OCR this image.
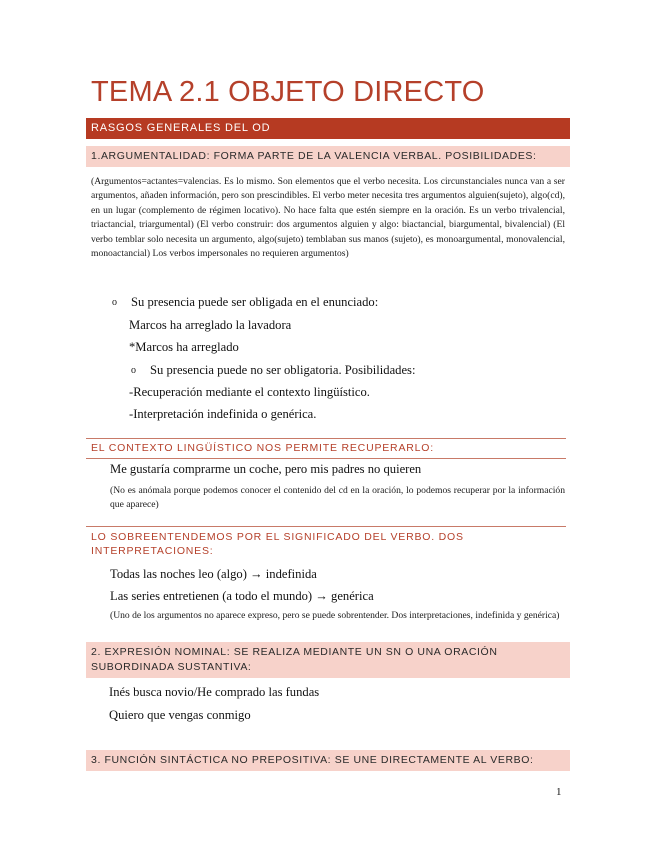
TEMA 2.1 OBJETO DIRECTO
RASGOS GENERALES DEL OD
1.ARGUMENTALIDAD: FORMA PARTE DE LA VALENCIA VERBAL. POSIBILIDADES:

(Argumentos=actantes=valencias. Es lo mismo. Son elementos que el verbo necesita. Los circunstanciales nunca van a ser argumentos, añaden información, pero son prescindibles. El verbo meter necesita tres argumentos alguien(sujeto), algo(cd), en un lugar (complemento de régimen locativo). No hace falta que estén siempre en la oración. Es un verbo trivalencial, triactancial, triargumental) (El verbo construir: dos argumentos alguien y algo: biactancial, biargumental, bivalencial) (El verbo temblar solo necesita un argumento, algo(sujeto) temblaban sus manos (sujeto), es monoargumental, monovalencial, monoactancial) Los verbos impersonales no requieren argumentos)

o Su presencia puede ser obligada en el enunciado:

Marcos ha arreglado la lavadora

*Marcos ha arreglado

o Su presencia puede no ser obligatoria. Posibilidades:

-Recuperación mediante el contexto lingüístico.

-Interpretación indefinida o genérica.

EL CONTEXTO LINGÜÍSTICO NOS PERMITE RECUPERARLO:

Me gustaría comprarme un coche, pero mis padres no quieren

(No es anómala porque podemos conocer el contenido del cd en la oración, lo podemos recuperar por la información que aparece)

LO SOBREENTENDEMOS POR EL SIGNIFICADO DEL VERBO. DOS INTERPRETACIONES:

Todas las noches leo (algo) → indefinida

Las series entretienen (a todo el mundo) → genérica

(Uno de los argumentos no aparece expreso, pero se puede sobrentender. Dos interpretaciones, indefinida y genérica)

2. EXPRESIÓN NOMINAL: SE REALIZA MEDIANTE UN SN O UNA ORACIÓN SUBORDINADA SUSTANTIVA:

Inés busca novio/He comprado las fundas

Quiero que vengas conmigo

3. FUNCIÓN SINTÁCTICA NO PREPOSITIVA: SE UNE DIRECTAMENTE AL VERBO:
1
